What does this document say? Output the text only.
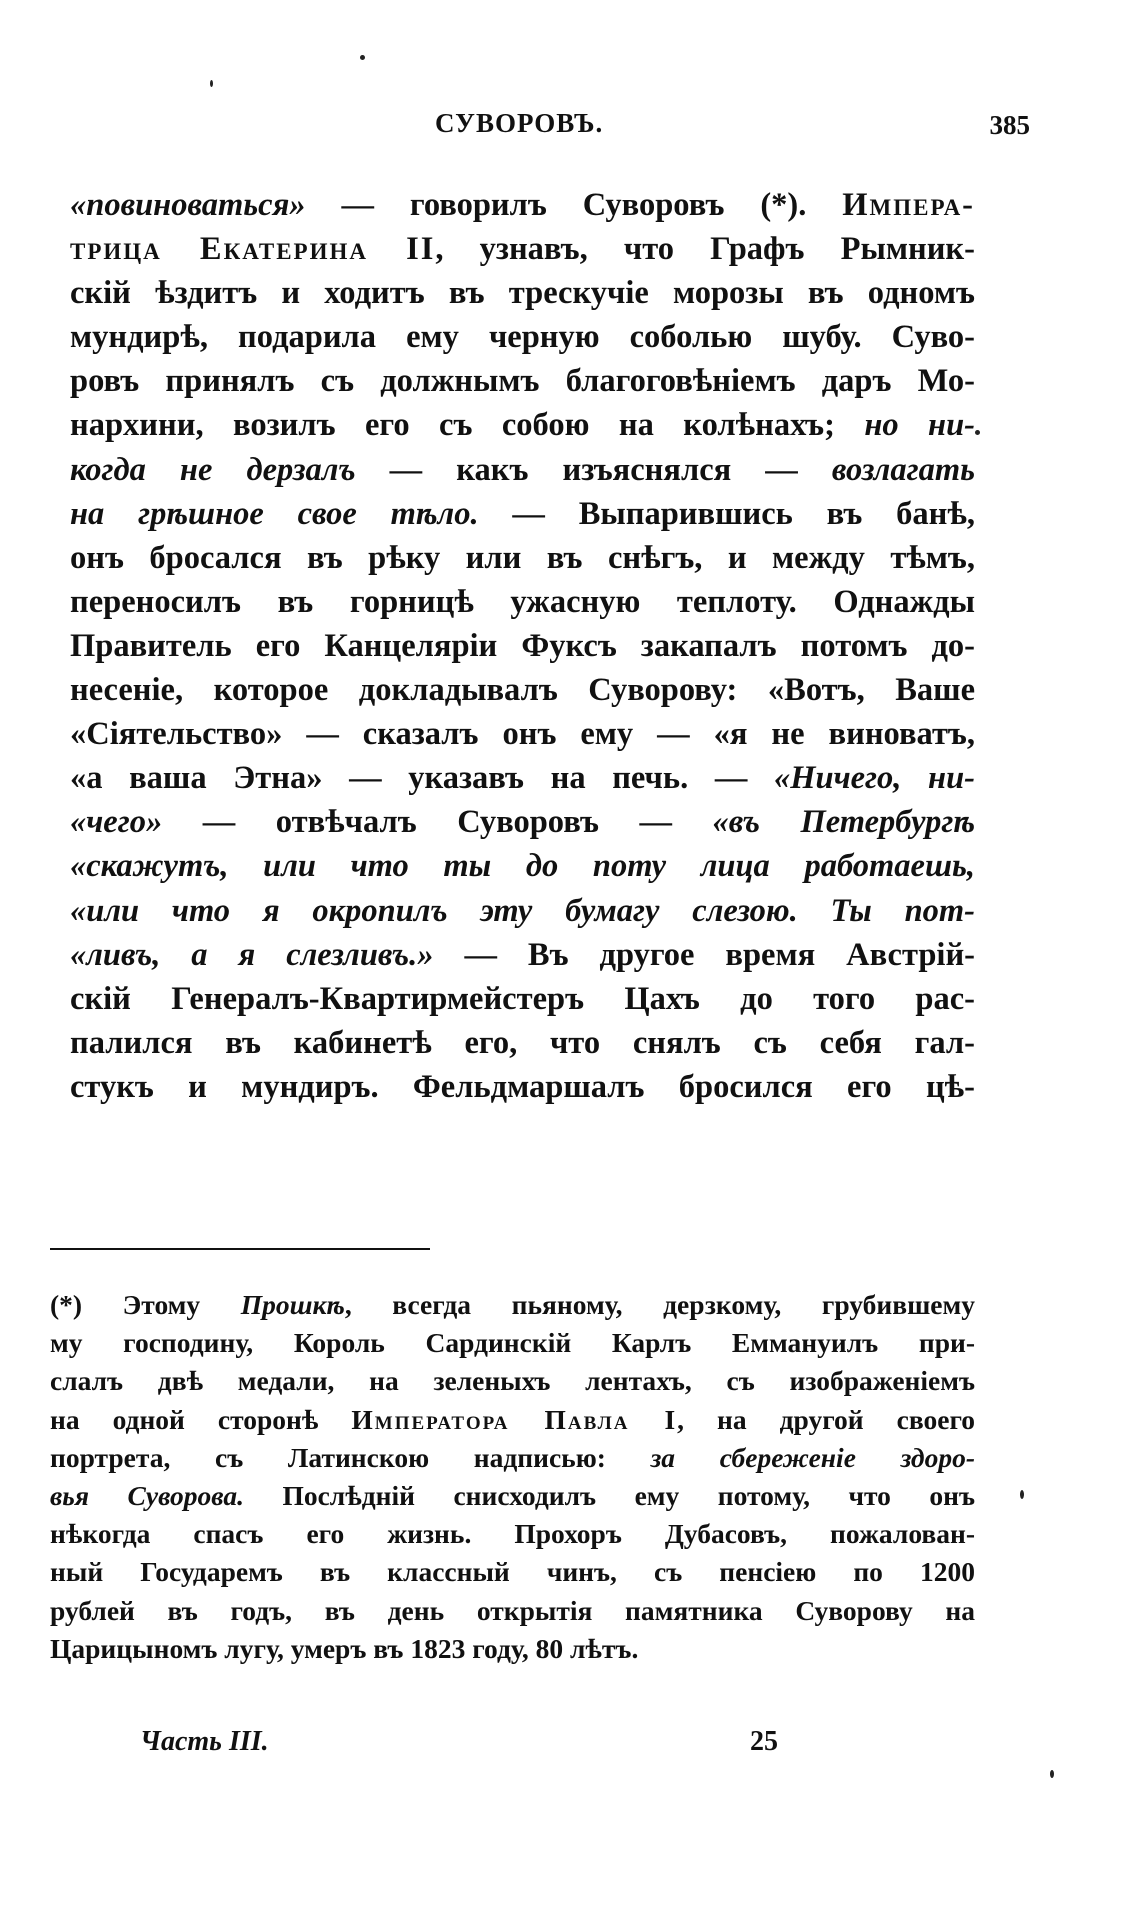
СУВОРОВЪ.	385
«повиноваться» — говорилъ Суворовъ (*). Импера-
трица Екатерина II, узнавъ, что Графъ Рымник-
скій ѣздитъ и ходитъ въ трескучіе морозы въ одномъ
мундирѣ, подарила ему черную соболью шубу. Суво-
ровъ принялъ съ должнымъ благоговѣніемъ даръ Мо-
нархини, возилъ его съ собою на колѣнахъ; но ни-
когда не дерзалъ — какъ изъяснялся — возлагать
на грѣшное свое тѣло. — Выпарившись въ банѣ,
онъ бросался въ рѣку или въ снѣгъ, и между тѣмъ,
переносилъ въ горницѣ ужасную теплоту. Однажды
Правитель его Канцеляріи Фуксъ закапалъ потомъ до-
несеніе, которое докладывалъ Суворову: «Вотъ, Ваше
«Сіятельство» — сказалъ онъ ему — «я не виноватъ,
«а ваша Этна» — указавъ на печь. — «Ничего, ни-
«чего» — отвѣчалъ Суворовъ — «въ Петербургѣ
«скажутъ, или что ты до поту лица работаешь,
«или что я окропилъ эту бумагу слезою. Ты пот-
«ливъ, а я слезливъ.» — Въ другое время Австрій-
скій Генералъ-Квартирмейстеръ Цахъ до того рас-
палился въ кабинетѣ его, что снялъ съ себя гал-
стукъ и мундиръ. Фельдмаршалъ бросился его цѣ-
(*) Этому Прошкѣ, всегда пьяному, дерзкому, грубившему
му господину, Король Сардинскій Карлъ Еммануилъ при-
слалъ двѣ медали, на зеленыхъ лентахъ, съ изображеніемъ
на одной сторонѣ Императора Павла I, на другой своего
портрета, съ Латинскою надписью: за сбереженіе здоро-
вья Суворова. Послѣдній снисходилъ ему потому, что онъ
нѣкогда спасъ его жизнь. Прохоръ Дубасовъ, пожалован-
ный Государемъ въ классный чинъ, съ пенсіею по 1200
рублей въ годъ, въ день открытія памятника Суворову на
Царицыномъ лугу, умеръ въ 1823 году, 80 лѣтъ.
Часть III.	25
